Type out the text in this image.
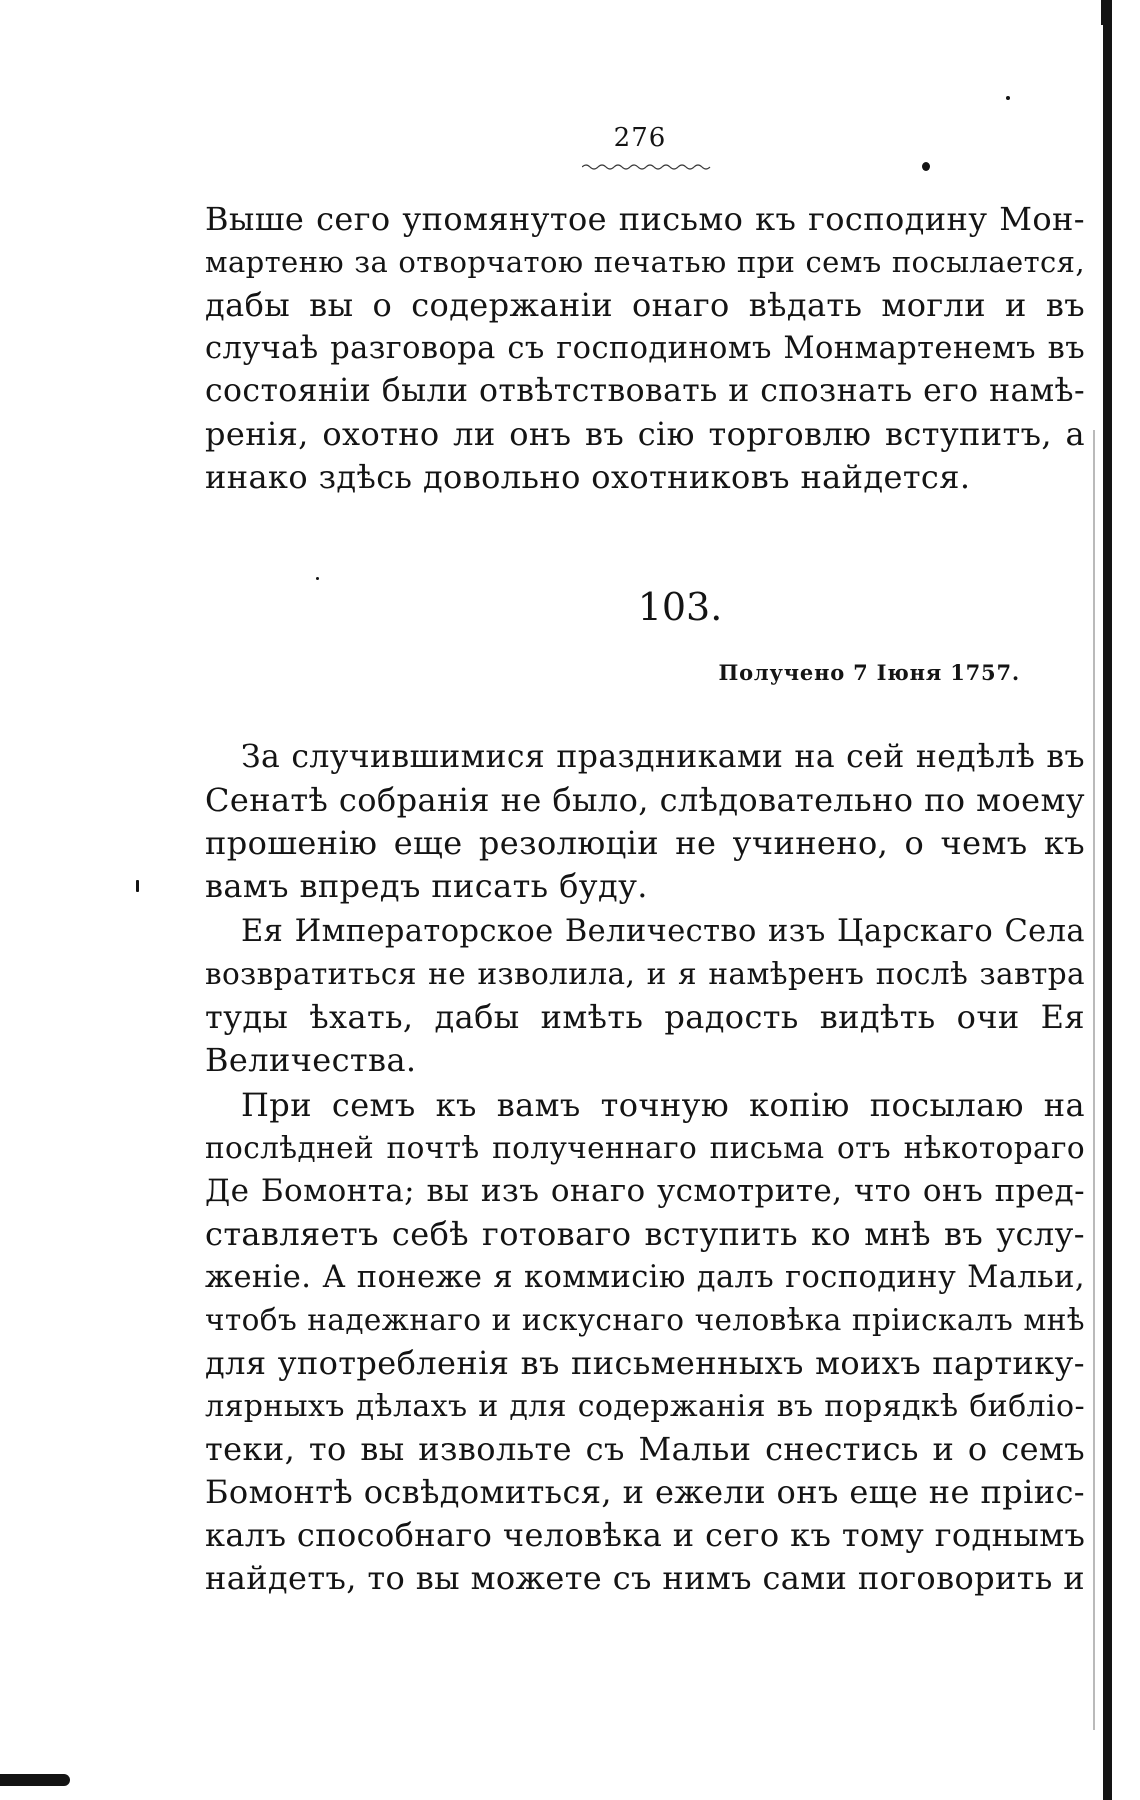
276
Выше сего упомянутое письмо къ господину Мон-
мартеню за отворчатою печатью при семъ посылается,
дабы вы о содержанiи онаго вѣдать могли и въ
случаѣ разговора съ господиномъ Монмартенемъ въ
состоянiи были отвѣтствовать и спознать его намѣ-
ренiя, охотно ли онъ въ сiю торговлю вступитъ, а
инако здѣсь довольно охотниковъ найдется.
103.
Получено 7 Iюня 1757.
За случившимися праздниками на сей недѣлѣ въ
Сенатѣ собранiя не было, слѣдовательно по моему
прошенiю еще резолюцiи не учинено, о чемъ къ
вамъ впредъ писать буду.
Ея Императорское Величество изъ Царскаго Села
возвратиться не изволила, и я намѣренъ послѣ завтра
туды ѣхать, дабы имѣть радость видѣть очи Ея
Величества.
При семъ къ вамъ точную копiю посылаю на
послѣдней почтѣ полученнаго письма отъ нѣкотораго
Де Бомонта; вы изъ онаго усмотрите, что онъ пред-
ставляетъ себѣ готоваго вступить ко мнѣ въ услу-
женiе. А понеже я коммисiю далъ господину Мальи,
чтобъ надежнаго и искуснаго человѣка прiискалъ мнѣ
для употребленiя въ письменныхъ моихъ партику-
лярныхъ дѣлахъ и для содержанiя въ порядкѣ библiо-
теки, то вы извольте съ Мальи снестись и о семъ
Бомонтѣ освѣдомиться, и ежели онъ еще не прiис-
калъ способнаго человѣка и сего къ тому годнымъ
найдетъ, то вы можете съ нимъ сами поговорить и
